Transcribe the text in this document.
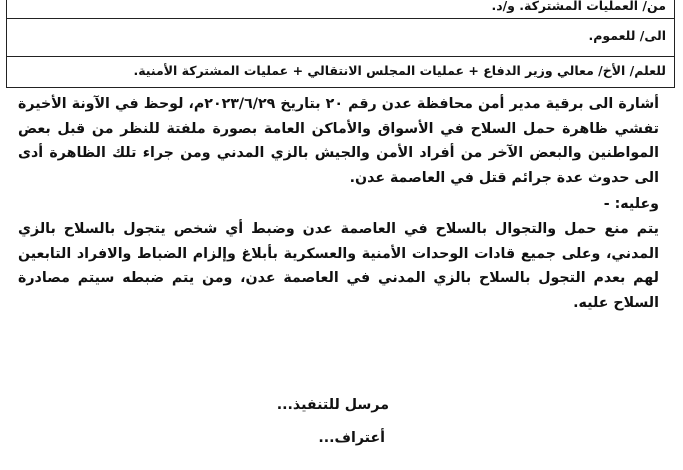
من/ العمليات المشتركة. و/د.
الى/ للعموم.
للعلم/ الأخ/ معالي وزير الدفاع + عمليات المجلس الانتقالي + عمليات المشتركة الأمنية.

أشارة الى برقية مدير أمن محافظة عدن رقم ٢٠ بتاريخ ٢٠٢٣/٦/٢٩م، لوحظ في الآونة الأخيرة تفشي ظاهرة حمل السلاح في الأسواق والأماكن العامة بصورة ملفتة للنظر من قبل بعض المواطنين والبعض الآخر من أفراد الأمن والجيش بالزي المدني ومن جراء تلك الظاهرة أدى الى حدوث عدة جرائم قتل في العاصمة عدن.

وعليه: -

يتم منع حمل والتجوال بالسلاح في العاصمة عدن وضبط أي شخص يتجول بالسلاح بالزي المدني، وعلى جميع قادات الوحدات الأمنية والعسكرية بأبلاغ وإلزام الضباط والافراد التابعين لهم بعدم التجول بالسلاح بالزي المدني في العاصمة عدن، ومن يتم ضبطه سيتم مصادرة السلاح عليه.

مرسل للتنفيذ...
أعتراف...
